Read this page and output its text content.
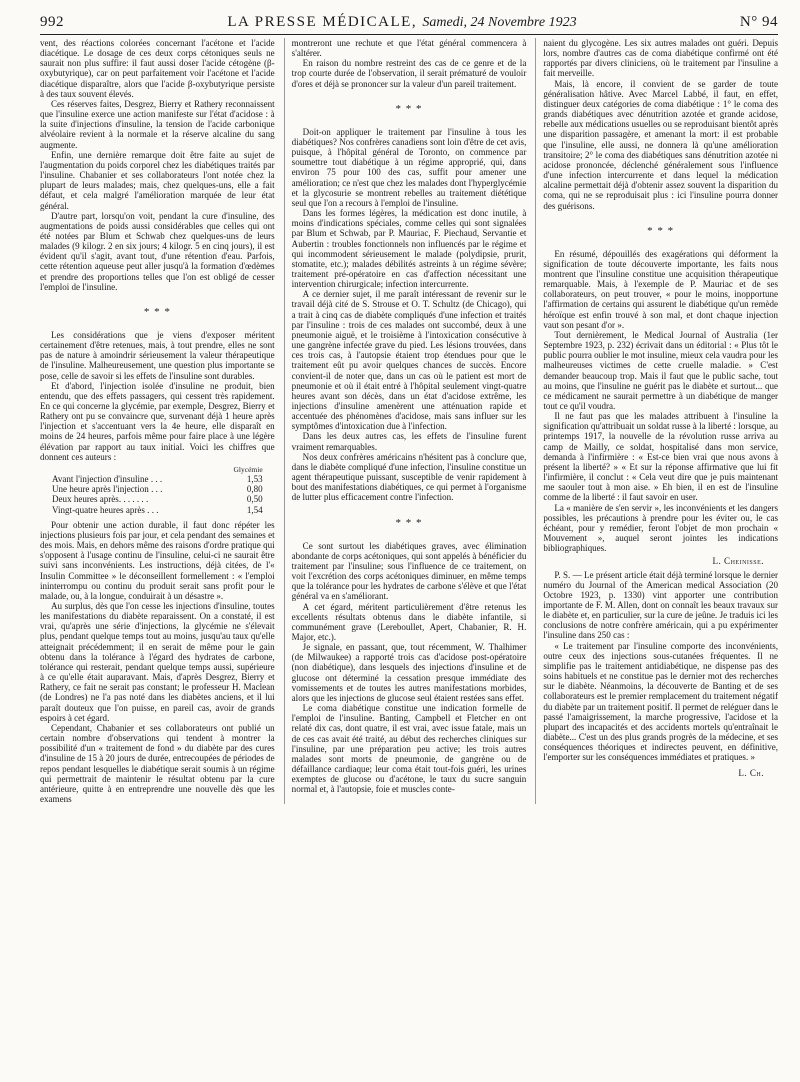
992	LA PRESSE MÉDICALE, Samedi, 24 Novembre 1923	N° 94

vent, des réactions colorées concernant l'acétone et l'acide diacétique. Le dosage de ces deux corps cétoniques seuls ne saurait non plus suffire: il faut aussi doser l'acide cétogène (β-oxybutyrique), car on peut parfaitement voir l'acétone et l'acide diacétique disparaître, alors que l'acide β-oxybutyrique persiste à des taux souvent élevés.

Ces réserves faites, Desgrez, Bierry et Rathery reconnaissent que l'insuline exerce une action manifeste sur l'état d'acidose : à la suite d'injections d'insuline, la tension de l'acide carbonique alvéolaire revient à la normale et la réserve alcaline du sang augmente.

Enfin, une dernière remarque doit être faite au sujet de l'augmentation du poids corporel chez les diabétiques traités par l'insuline. Chabanier et ses collaborateurs l'ont notée chez la plupart de leurs malades; mais, chez quelques-uns, elle a fait défaut, et cela malgré l'amélioration marquée de leur état général.

D'autre part, lorsqu'on voit, pendant la cure d'insuline, des augmentations de poids aussi considérables que celles qui ont été notées par Blum et Schwab chez quelques-uns de leurs malades (9 kilogr. 2 en six jours; 4 kilogr. 5 en cinq jours), il est évident qu'il s'agit, avant tout, d'une rétention d'eau. Parfois, cette rétention aqueuse peut aller jusqu'à la formation d'œdèmes et prendre des proportions telles que l'on est obligé de cesser l'emploi de l'insuline.

* * *

Les considérations que je viens d'exposer méritent certainement d'être retenues, mais, à tout prendre, elles ne sont pas de nature à amoindrir sérieusement la valeur thérapeutique de l'insuline. Malheureusement, une question plus importante se pose, celle de savoir si les effets de l'insuline sont durables.

Et d'abord, l'injection isolée d'insuline ne produit, bien entendu, que des effets passagers, qui cessent très rapidement. En ce qui concerne la glycémie, par exemple, Desgrez, Bierry et Rathery ont pu se convaincre que, survenant déjà 1 heure après l'injection et s'accentuant vers la 4e heure, elle disparaît en moins de 24 heures, parfois même pour faire place à une légère élévation par rapport au taux initial. Voici les chiffres que donnent ces auteurs :

Glycémie
Avant l'injection d'insuline . . .	1,53
Une heure après l'injection . . .	0,80
Deux heures après. . . . . . .	0,50
Vingt-quatre heures après . . .	1,54

Pour obtenir une action durable, il faut donc répéter les injections plusieurs fois par jour, et cela pendant des semaines et des mois. Mais, en dehors même des raisons d'ordre pratique qui s'opposent à l'usage continu de l'insuline, celui-ci ne saurait être suivi sans inconvénients. Les instructions, déjà citées, de l'« Insulin Committee » le déconseillent formellement : « l'emploi ininterrompu ou continu du produit serait sans profit pour le malade, ou, à la longue, conduirait à un désastre ».

Au surplus, dès que l'on cesse les injections d'insuline, toutes les manifestations du diabète reparaissent. On a constaté, il est vrai, qu'après une série d'injections, la glycémie ne s'élevait plus, pendant quelque temps tout au moins, jusqu'au taux qu'elle atteignait précédemment; il en serait de même pour le gain obtenu dans la tolérance à l'égard des hydrates de carbone, tolérance qui resterait, pendant quelque temps aussi, supérieure à ce qu'elle était auparavant. Mais, d'après Desgrez, Bierry et Rathery, ce fait ne serait pas constant; le professeur H. Maclean (de Londres) ne l'a pas noté dans les diabètes anciens, et il lui paraît douteux que l'on puisse, en pareil cas, avoir de grands espoirs à cet égard.

Cependant, Chabanier et ses collaborateurs ont publié un certain nombre d'observations qui tendent à montrer la possibilité d'un « traitement de fond » du diabète par des cures d'insuline de 15 à 20 jours de durée, entrecoupées de périodes de repos pendant lesquelles le diabétique serait soumis à un régime qui permettrait de maintenir le résultat obtenu par la cure antérieure, quitte à en entreprendre une nouvelle dès que les examens

montreront une rechute et que l'état général commencera à s'altérer.

En raison du nombre restreint des cas de ce genre et de la trop courte durée de l'observation, il serait prématuré de vouloir d'ores et déjà se prononcer sur la valeur d'un pareil traitement.

* * *

Doit-on appliquer le traitement par l'insuline à tous les diabétiques? Nos confrères canadiens sont loin d'être de cet avis, puisque, à l'hôpital général de Toronto, on commence par soumettre tout diabétique à un régime approprié, qui, dans environ 75 pour 100 des cas, suffit pour amener une amélioration; ce n'est que chez les malades dont l'hyperglycémie et la glycosurie se montrent rebelles au traitement diététique seul que l'on a recours à l'emploi de l'insuline.

Dans les formes légères, la médication est donc inutile, à moins d'indications spéciales, comme celles qui sont signalées par Blum et Schwab, par P. Mauriac, F. Piechaud, Servantie et Aubertin : troubles fonctionnels non influencés par le régime et qui incommodent sérieusement le malade (polydipsie, prurit, stomatite, etc.); malades débilités astreints à un régime sévère; traitement pré-opératoire en cas d'affection nécessitant une intervention chirurgicale; infection intercurrente.

A ce dernier sujet, il me paraît intéressant de revenir sur le travail déjà cité de S. Strouse et O. T. Schultz (de Chicago), qui a trait à cinq cas de diabète compliqués d'une infection et traités par l'insuline : trois de ces malades ont succombé, deux à une pneumonie aiguë, et le troisième à l'intoxication consécutive à une gangrène infectée grave du pied. Les lésions trouvées, dans ces trois cas, à l'autopsie étaient trop étendues pour que le traitement eût pu avoir quelques chances de succès. Encore convient-il de noter que, dans un cas où le patient est mort de pneumonie et où il était entré à l'hôpital seulement vingt-quatre heures avant son décès, dans un état d'acidose extrême, les injections d'insuline amenèrent une atténuation rapide et accentuée des phénomènes d'acidose, mais sans influer sur les symptômes d'intoxication due à l'infection.

Dans les deux autres cas, les effets de l'insuline furent vraiment remarquables.

Nos deux confrères américains n'hésitent pas à conclure que, dans le diabète compliqué d'une infection, l'insuline constitue un agent thérapeutique puissant, susceptible de venir rapidement à bout des manifestations diabétiques, ce qui permet à l'organisme de lutter plus efficacement contre l'infection.

* * *

Ce sont surtout les diabétiques graves, avec élimination abondante de corps acétoniques, qui sont appelés à bénéficier du traitement par l'insuline; sous l'influence de ce traitement, on voit l'excrétion des corps acétoniques diminuer, en même temps que la tolérance pour les hydrates de carbone s'élève et que l'état général va en s'améliorant.

A cet égard, méritent particulièrement d'être retenus les excellents résultats obtenus dans le diabète infantile, si communément grave (Lereboullet, Apert, Chabanier, R. H. Major, etc.).

Je signale, en passant, que, tout récemment, W. Thalhimer (de Milwaukee) a rapporté trois cas d'acidose post-opératoire (non diabétique), dans lesquels des injections d'insuline et de glucose ont déterminé la cessation presque immédiate des vomissements et de toutes les autres manifestations morbides, alors que les injections de glucose seul étaient restées sans effet.

Le coma diabétique constitue une indication formelle de l'emploi de l'insuline. Banting, Campbell et Fletcher en ont relaté dix cas, dont quatre, il est vrai, avec issue fatale, mais un de ces cas avait été traité, au début des recherches cliniques sur l'insuline, par une préparation peu active; les trois autres malades sont morts de pneumonie, de gangrène ou de défaillance cardiaque; leur coma était tout-fois guéri, les urines exemptes de glucose ou d'acétone, le taux du sucre sanguin normal et, à l'autopsie, foie et muscles conte-

naient du glycogène. Les six autres malades ont guéri. Depuis lors, nombre d'autres cas de coma diabétique confirmé ont été rapportés par divers cliniciens, où le traitement par l'insuline a fait merveille.

Mais, là encore, il convient de se garder de toute généralisation hâtive. Avec Marcel Labbé, il faut, en effet, distinguer deux catégories de coma diabétique : 1° le coma des grands diabétiques avec dénutrition azotée et grande acidose, rebelle aux médications usuelles ou se reproduisant bientôt après une disparition passagère, et amenant la mort: il est probable que l'insuline, elle aussi, ne donnera là qu'une amélioration transitoire; 2° le coma des diabétiques sans dénutrition azotée ni acidose prononcée, déclenché généralement sous l'influence d'une infection intercurrente et dans lequel la médication alcaline permettait déjà d'obtenir assez souvent la disparition du coma, qui ne se reproduisait plus : ici l'insuline pourra donner des guérisons.

* * *

En résumé, dépouillés des exagérations qui déforment la signification de toute découverte importante, les faits nous montrent que l'insuline constitue une acquisition thérapeutique remarquable. Mais, à l'exemple de P. Mauriac et de ses collaborateurs, on peut trouver, « pour le moins, inopportune l'affirmation de certains qui assurent le diabétique qu'un remède héroïque est enfin trouvé à son mal, et dont chaque injection vaut son pesant d'or ».

Tout dernièrement, le Medical Journal of Australia (1er Septembre 1923, p. 232) écrivait dans un éditorial : « Plus tôt le public pourra oublier le mot insuline, mieux cela vaudra pour les malheureuses victimes de cette cruelle maladie. » C'est demander beaucoup trop. Mais il faut que le public sache, tout au moins, que l'insuline ne guérit pas le diabète et surtout... que ce médicament ne saurait permettre à un diabétique de manger tout ce qu'il voudra.

Il ne faut pas que les malades attribuent à l'insuline la signification qu'attribuait un soldat russe à la liberté : lorsque, au printemps 1917, la nouvelle de la révolution russe arriva au camp de Mailly, ce soldat, hospitalisé dans mon service, demanda à l'infirmière : « Est-ce bien vrai que nous avons à présent la liberté? » « Et sur la réponse affirmative que lui fit l'infirmière, il conclut : « Cela veut dire que je puis maintenant me saouler tout à mon aise. » Eh bien, il en est de l'insuline comme de la liberté : il faut savoir en user.

La « manière de s'en servir », les inconvénients et les dangers possibles, les précautions à prendre pour les éviter ou, le cas échéant, pour y remédier, feront l'objet de mon prochain « Mouvement », auquel seront jointes les indications bibliographiques.

L. Cheinisse.

P. S. — Le présent article était déjà terminé lorsque le dernier numéro du Journal of the American medical Association (20 Octobre 1923, p. 1330) vint apporter une contribution importante de F. M. Allen, dont on connaît les beaux travaux sur le diabète et, en particulier, sur la cure de jeûne. Je traduis ici les conclusions de notre confrère américain, qui a pu expérimenter l'insuline dans 250 cas :

« Le traitement par l'insuline comporte des inconvénients, outre ceux des injections sous-cutanées fréquentes. Il ne simplifie pas le traitement antidiabétique, ne dispense pas des soins habituels et ne constitue pas le dernier mot des recherches sur le diabète. Néanmoins, la découverte de Banting et de ses collaborateurs est le premier remplacement du traitement négatif du diabète par un traitement positif. Il permet de reléguer dans le passé l'amaigrissement, la marche progressive, l'acidose et la plupart des incapacités et des accidents mortels qu'entraînait le diabète... C'est un des plus grands progrès de la médecine, et ses conséquences théoriques et indirectes peuvent, en définitive, l'emporter sur les conséquences immédiates et pratiques. »

L. Ch.
